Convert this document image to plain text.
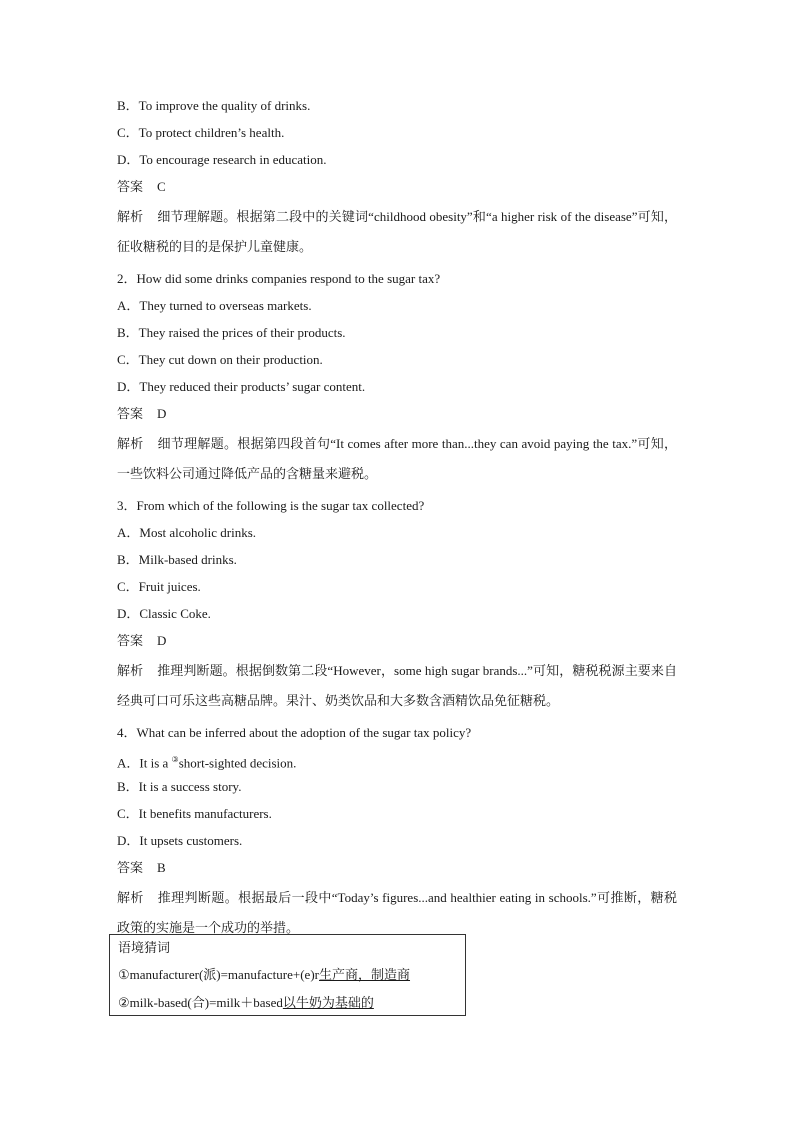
B．To improve the quality of drinks.
C．To protect children’s health.
D．To encourage research in education.
答案 C
解析 细节理解题。根据第二段中的关键词“childhood obesity”和“a higher risk of the disease”可知，征收糖税的目的是保护儿童健康。
2．How did some drinks companies respond to the sugar tax?
A．They turned to overseas markets.
B．They raised the prices of their products.
C．They cut down on their production.
D．They reduced their products’ sugar content.
答案 D
解析 细节理解题。根据第四段首句“It comes after more than...they can avoid paying the tax.”可知，一些饮料公司通过降低产品的含糖量来避税。
3．From which of the following is the sugar tax collected?
A．Most alcoholic drinks.
B．Milk-based drinks.
C．Fruit juices.
D．Classic Coke.
答案 D
解析 推理判断题。根据倒数第二段“However，some high sugar brands...”可知，糖税税源主要来自经典可口可乐这些高糖品牌。果汁、奶类饮品和大多数含酒精饮品免征糖税。
4．What can be inferred about the adoption of the sugar tax policy?
A．It is a ③short-sighted decision.
B．It is a success story.
C．It benefits manufacturers.
D．It upsets customers.
答案 B
解析 推理判断题。根据最后一段中“Today’s figures...and healthier eating in schools.”可推断，糖税政策的实施是一个成功的举措。
语境猜词
①manufacturer(派)=manufacture+(e)r生产商，制造商
②milk-based(合)=milk＋based以牛奶为基础的
